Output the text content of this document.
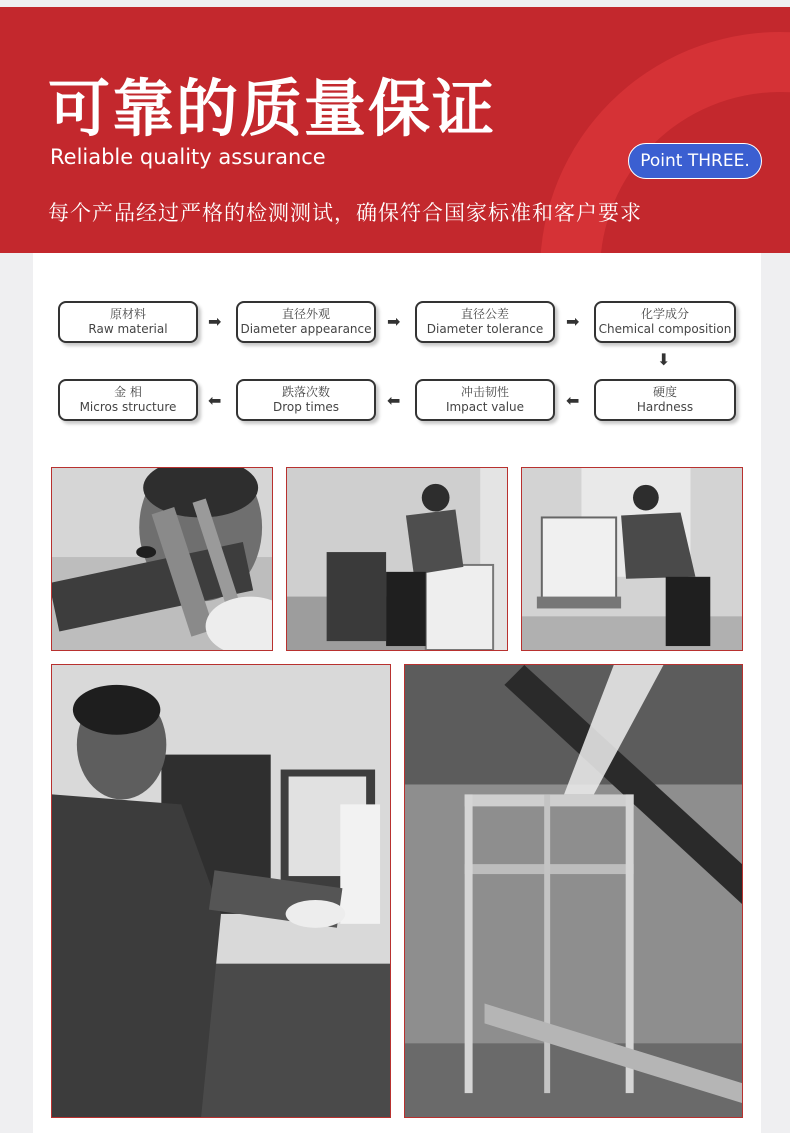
可靠的质量保证
Reliable quality assurance	Point THREE.
每个产品经过严格的检测测试，确保符合国家标准和客户要求
原材料
Raw material	➡	直径外观
Diameter appearance ➡	直径公差
Diameter tolerance ➡	化学成分
Chemical composition
⬇
硬度
Hardness
⬅
冲击韧性
Impact value
⬅
跌落次数
Drop times
⬅
金 相
Micros structure
